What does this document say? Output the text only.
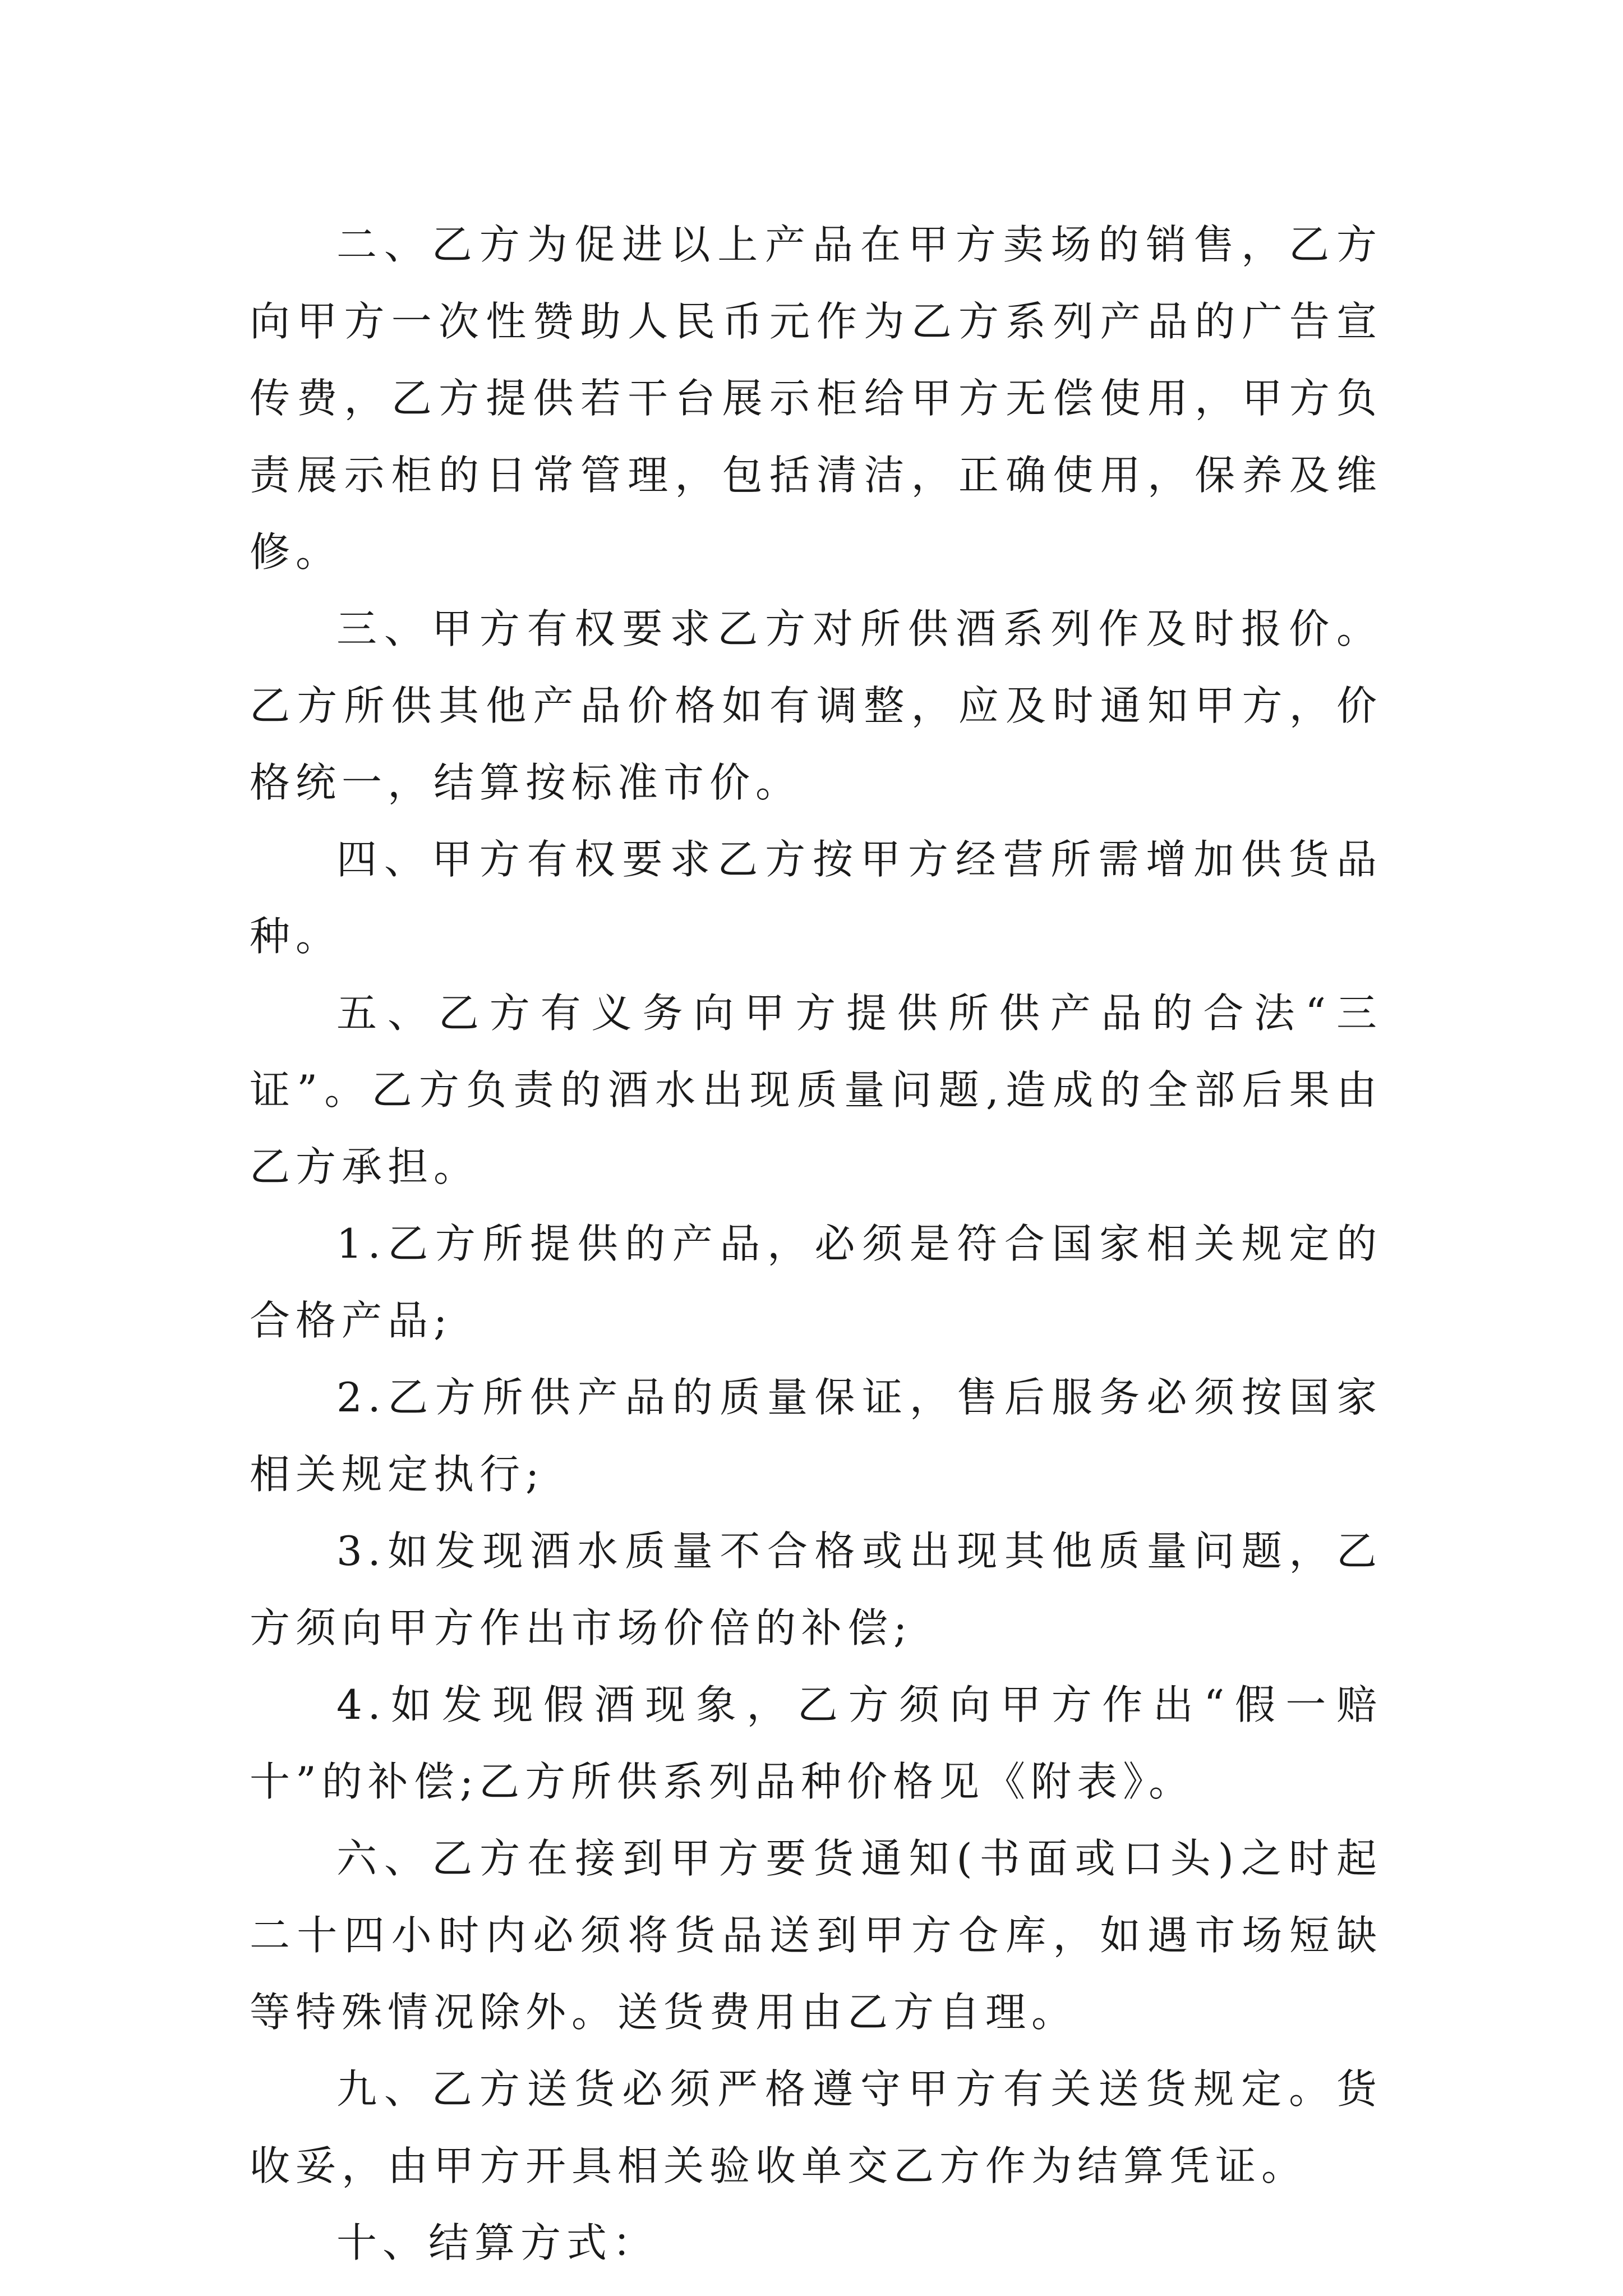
二、乙方为促进以上产品在甲方卖场的销售，乙方向甲方一次性赞助人民币元作为乙方系列产品的广告宣传费，乙方提供若干台展示柜给甲方无偿使用，甲方负责展示柜的日常管理，包括清洁，正确使用，保养及维修。

三、甲方有权要求乙方对所供酒系列作及时报价。乙方所供其他产品价格如有调整，应及时通知甲方，价格统一，结算按标准市价。

四、甲方有权要求乙方按甲方经营所需增加供货品种。

五、乙方有义务向甲方提供所供产品的合法“三证”。乙方负责的酒水出现质量问题,造成的全部后果由乙方承担。

1.乙方所提供的产品，必须是符合国家相关规定的合格产品;

2.乙方所供产品的质量保证，售后服务必须按国家相关规定执行;

3.如发现酒水质量不合格或出现其他质量问题，乙方须向甲方作出市场价倍的补偿;

4.如发现假酒现象，乙方须向甲方作出“假一赔十”的补偿;乙方所供系列品种价格见《附表》。

六、乙方在接到甲方要货通知(书面或口头)之时起二十四小时内必须将货品送到甲方仓库，如遇市场短缺等特殊情况除外。送货费用由乙方自理。

九、乙方送货必须严格遵守甲方有关送货规定。货收妥，由甲方开具相关验收单交乙方作为结算凭证。

十、结算方式：
